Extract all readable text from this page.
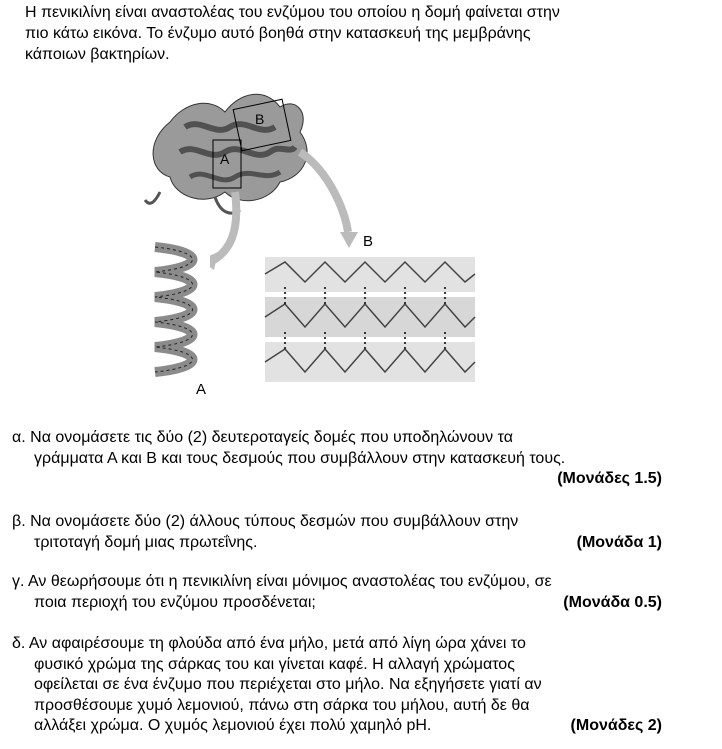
Η πενικιλίνη είναι αναστολέας του ενζύμου του οποίου η δομή φαίνεται στην
πιο κάτω εικόνα. Το ένζυμο αυτό βοηθά στην κατασκευή της μεμβράνης
κάποιων βακτηρίων.
A
B
A
B
α. Να ονομάσετε τις δύο (2) δευτεροταγείς δομές που υποδηλώνουν τα
γράμματα Α και Β και τους δεσμούς που συμβάλλουν στην κατασκευή τους.
(Μονάδες 1.5)
β. Να ονομάσετε δύο (2) άλλους τύπους δεσμών που συμβάλλουν στην
τριτοταγή δομή μιας πρωτεΐνης.	(Μονάδα 1)
γ. Αν θεωρήσουμε ότι η πενικιλίνη είναι μόνιμος αναστολέας του ενζύμου, σε
ποια περιοχή του ενζύμου προσδένεται;	(Μονάδα 0.5)
δ. Αν αφαιρέσουμε τη φλούδα από ένα μήλο, μετά από λίγη ώρα χάνει το
φυσικό χρώμα της σάρκας του και γίνεται καφέ. Η αλλαγή χρώματος
οφείλεται σε ένα ένζυμο που περιέχεται στο μήλο. Να εξηγήσετε γιατί αν
προσθέσουμε χυμό λεμονιού, πάνω στη σάρκα του μήλου, αυτή δε θα
αλλάξει χρώμα. Ο χυμός λεμονιού έχει πολύ χαμηλό pH.	(Μονάδες 2)
